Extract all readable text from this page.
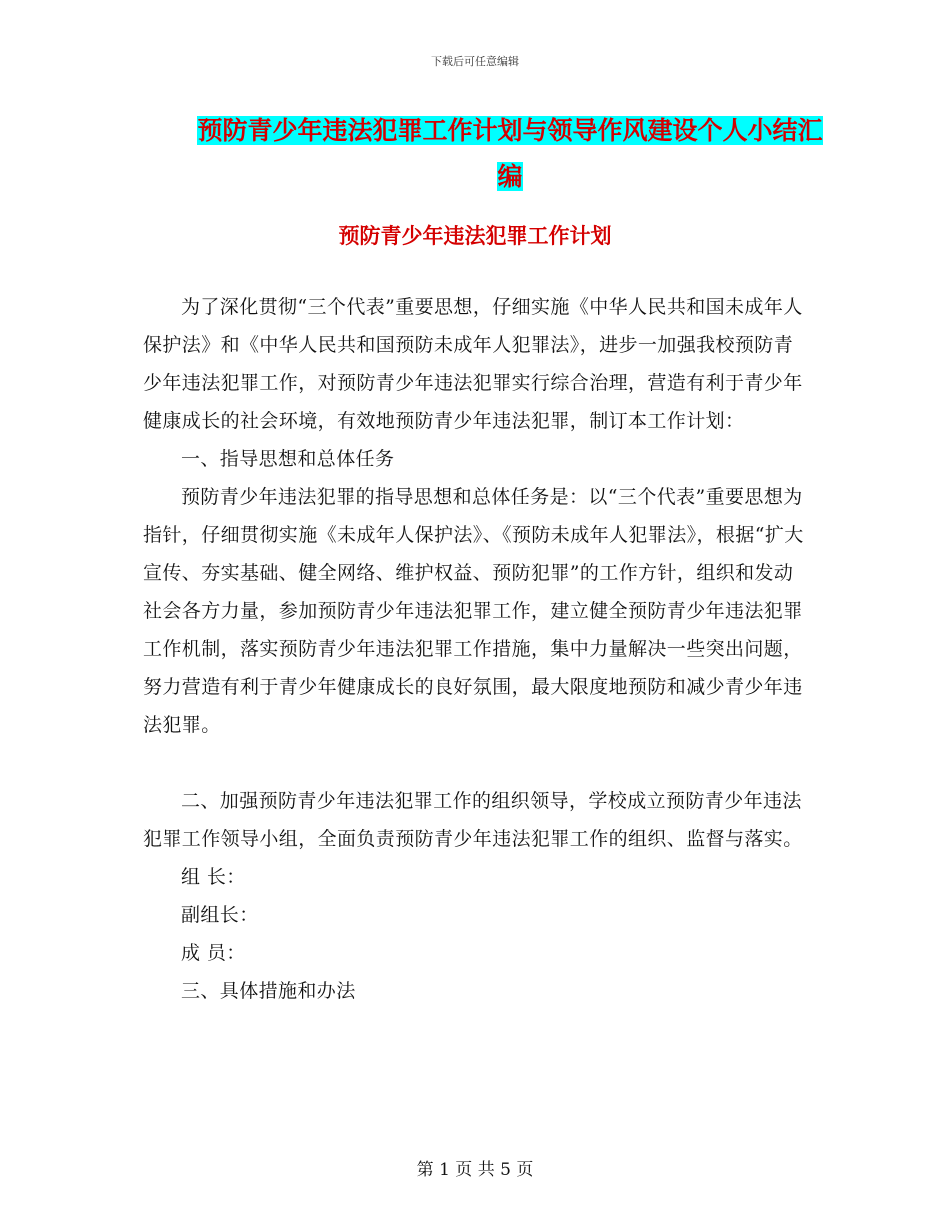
下载后可任意编辑
预防青少年违法犯罪工作计划与领导作风建设个人小结汇编
预防青少年违法犯罪工作计划

为了深化贯彻“三个代表”重要思想，仔细实施《中华人民共和国未成年人保护法》和《中华人民共和国预防未成年人犯罪法》，进步一加强我校预防青少年违法犯罪工作，对预防青少年违法犯罪实行综合治理，营造有利于青少年健康成长的社会环境，有效地预防青少年违法犯罪，制订本工作计划：

一、指导思想和总体任务

预防青少年违法犯罪的指导思想和总体任务是：以“三个代表”重要思想为指针，仔细贯彻实施《未成年人保护法》、《预防未成年人犯罪法》，根据“扩大宣传、夯实基础、健全网络、维护权益、预防犯罪”的工作方针，组织和发动社会各方力量，参加预防青少年违法犯罪工作，建立健全预防青少年违法犯罪工作机制，落实预防青少年违法犯罪工作措施，集中力量解决一些突出问题，努力营造有利于青少年健康成长的良好氛围，最大限度地预防和减少青少年违法犯罪。

二、加强预防青少年违法犯罪工作的组织领导，学校成立预防青少年违法犯罪工作领导小组，全面负责预防青少年违法犯罪工作的组织、监督与落实。

组 长：

副组长：

成 员：

三、具体措施和办法

第 1 页 共 5 页
